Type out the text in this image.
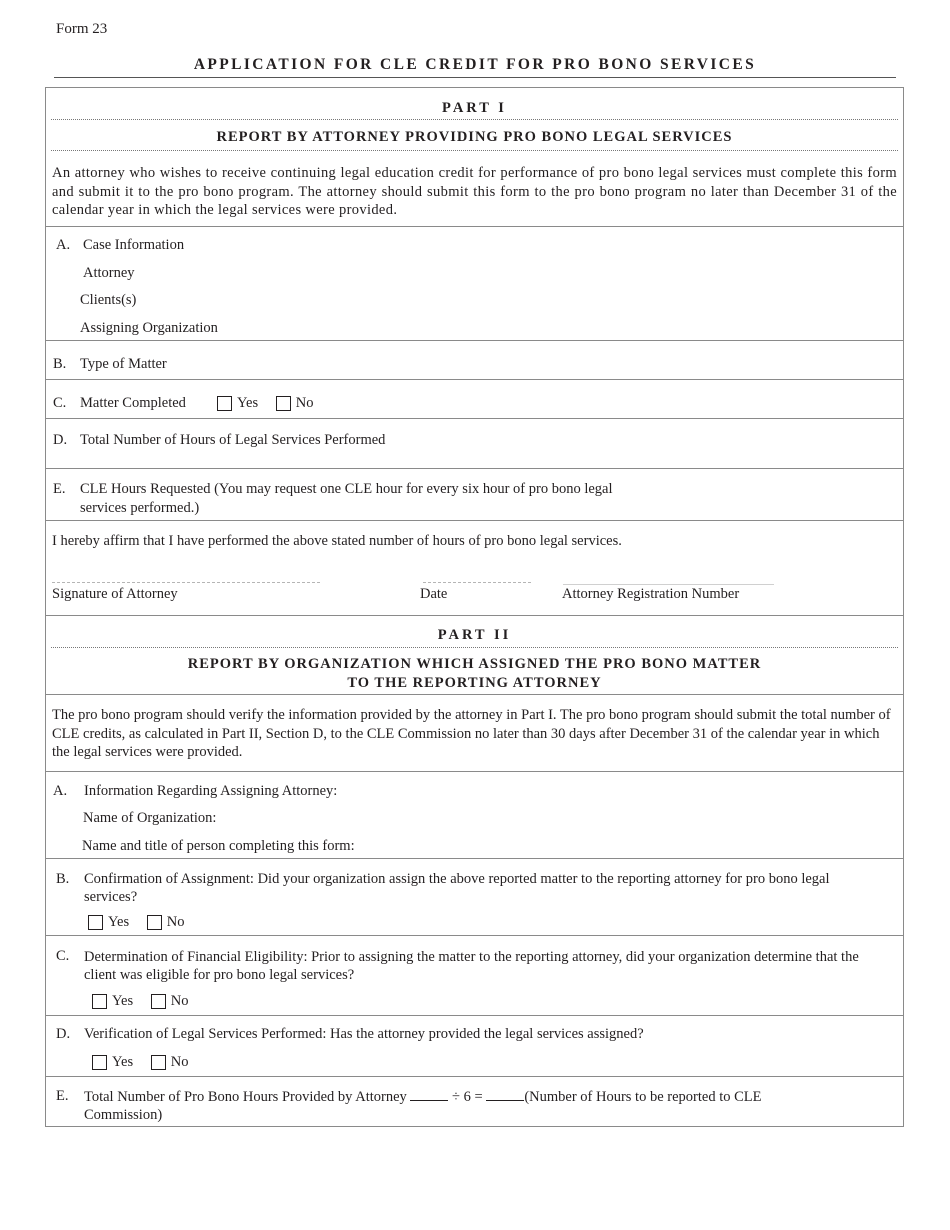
Form 23
APPLICATION FOR CLE CREDIT FOR PRO BONO SERVICES
PART I
REPORT BY ATTORNEY PROVIDING PRO BONO LEGAL SERVICES
An attorney who wishes to receive continuing legal education credit for performance of pro bono legal services must complete this form and submit it to the pro bono program. The attorney should submit this form to the pro bono program no later than December 31 of the calendar year in which the legal services were provided.
A. Case Information
Attorney
Clients(s)
Assigning Organization
B. Type of Matter
C. Matter Completed	Yes
	No
D. Total Number of Hours of Legal Services Performed
E. CLE Hours Requested (You may request one CLE hour for every six hour of pro bono legal
services performed.)
I hereby affirm that I have performed the above stated number of hours of pro bono legal services.
Signature of Attorney	Date	Attorney Registration Number
PART II
REPORT BY ORGANIZATION WHICH ASSIGNED THE PRO BONO MATTER
TO THE REPORTING ATTORNEY
The pro bono program should verify the information provided by the attorney in Part I. The pro bono program should submit the total number of CLE credits, as calculated in Part II, Section D, to the CLE Commission no later than 30 days after December 31 of the calendar year in which the legal services were provided.
A. Information Regarding Assigning Attorney:
Name of Organization:
Name and title of person completing this form:
B. Confirmation of Assignment: Did your organization assign the above reported matter to the reporting attorney for pro bono legal services?
Yes
	No
C. Determination of Financial Eligibility: Prior to assigning the matter to the reporting attorney, did your organization determine that the client was eligible for pro bono legal services?
Yes
	No
D. Verification of Legal Services Performed: Has the attorney provided the legal services assigned?
Yes
	No
E. Total Number of Pro Bono Hours Provided by Attorney	÷ 6 =	(Number of Hours to be reported to CLE
Commission)
